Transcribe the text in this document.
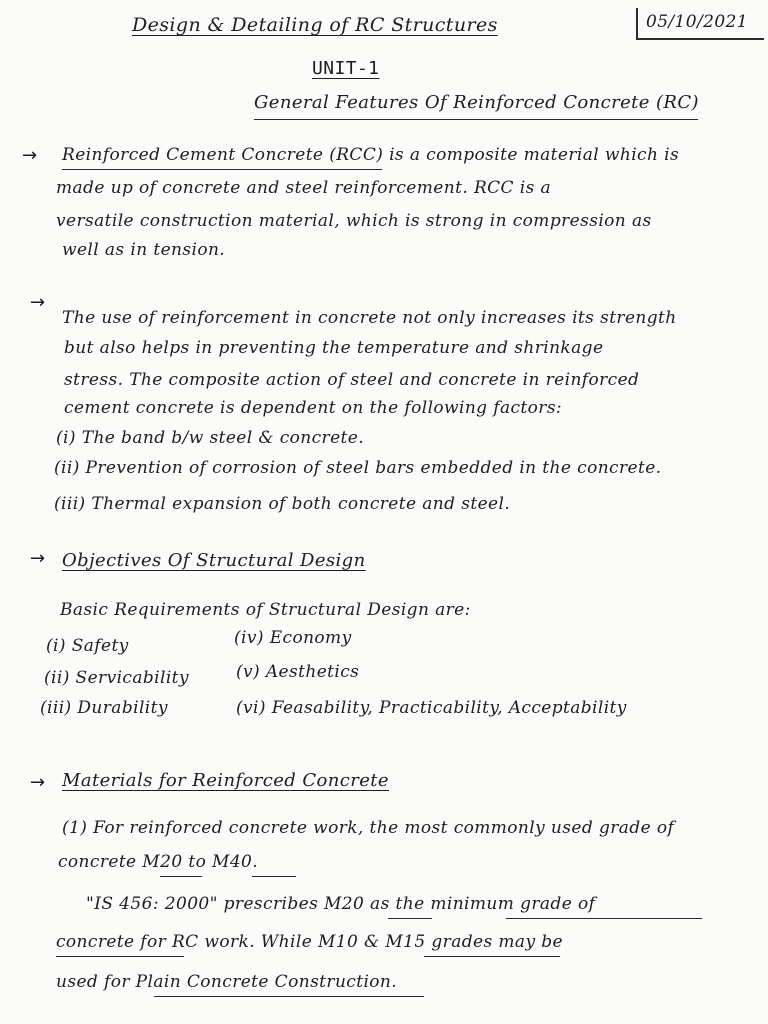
Design & Detailing of RC Structures	05/10/2021
UNIT-1
General Features Of Reinforced Concrete (RC)
→ Reinforced Cement Concrete (RCC) is a composite material which is
made up of concrete and steel reinforcement. RCC is a
versatile construction material, which is strong in compression as
well as in tension.
→
The use of reinforcement in concrete not only increases its strength
but also helps in preventing the temperature and shrinkage
stress. The composite action of steel and concrete in reinforced
cement concrete is dependent on the following factors:
(i) The band b/w steel & concrete.
(ii) Prevention of corrosion of steel bars embedded in the concrete.
(iii) Thermal expansion of both concrete and steel.
→ Objectives Of Structural Design
Basic Requirements of Structural Design are:
(i) Safety
(ii) Servicability
(iii) Durability
(iv) Economy
(v) Aesthetics
(vi) Feasability, Practicability, Acceptability
→ Materials for Reinforced Concrete
(1) For reinforced concrete work, the most commonly used grade of
concrete M20 to M40.
"IS 456: 2000" prescribes M20 as the minimum grade of
concrete for RC work. While M10 & M15 grades may be
used for Plain Concrete Construction.
